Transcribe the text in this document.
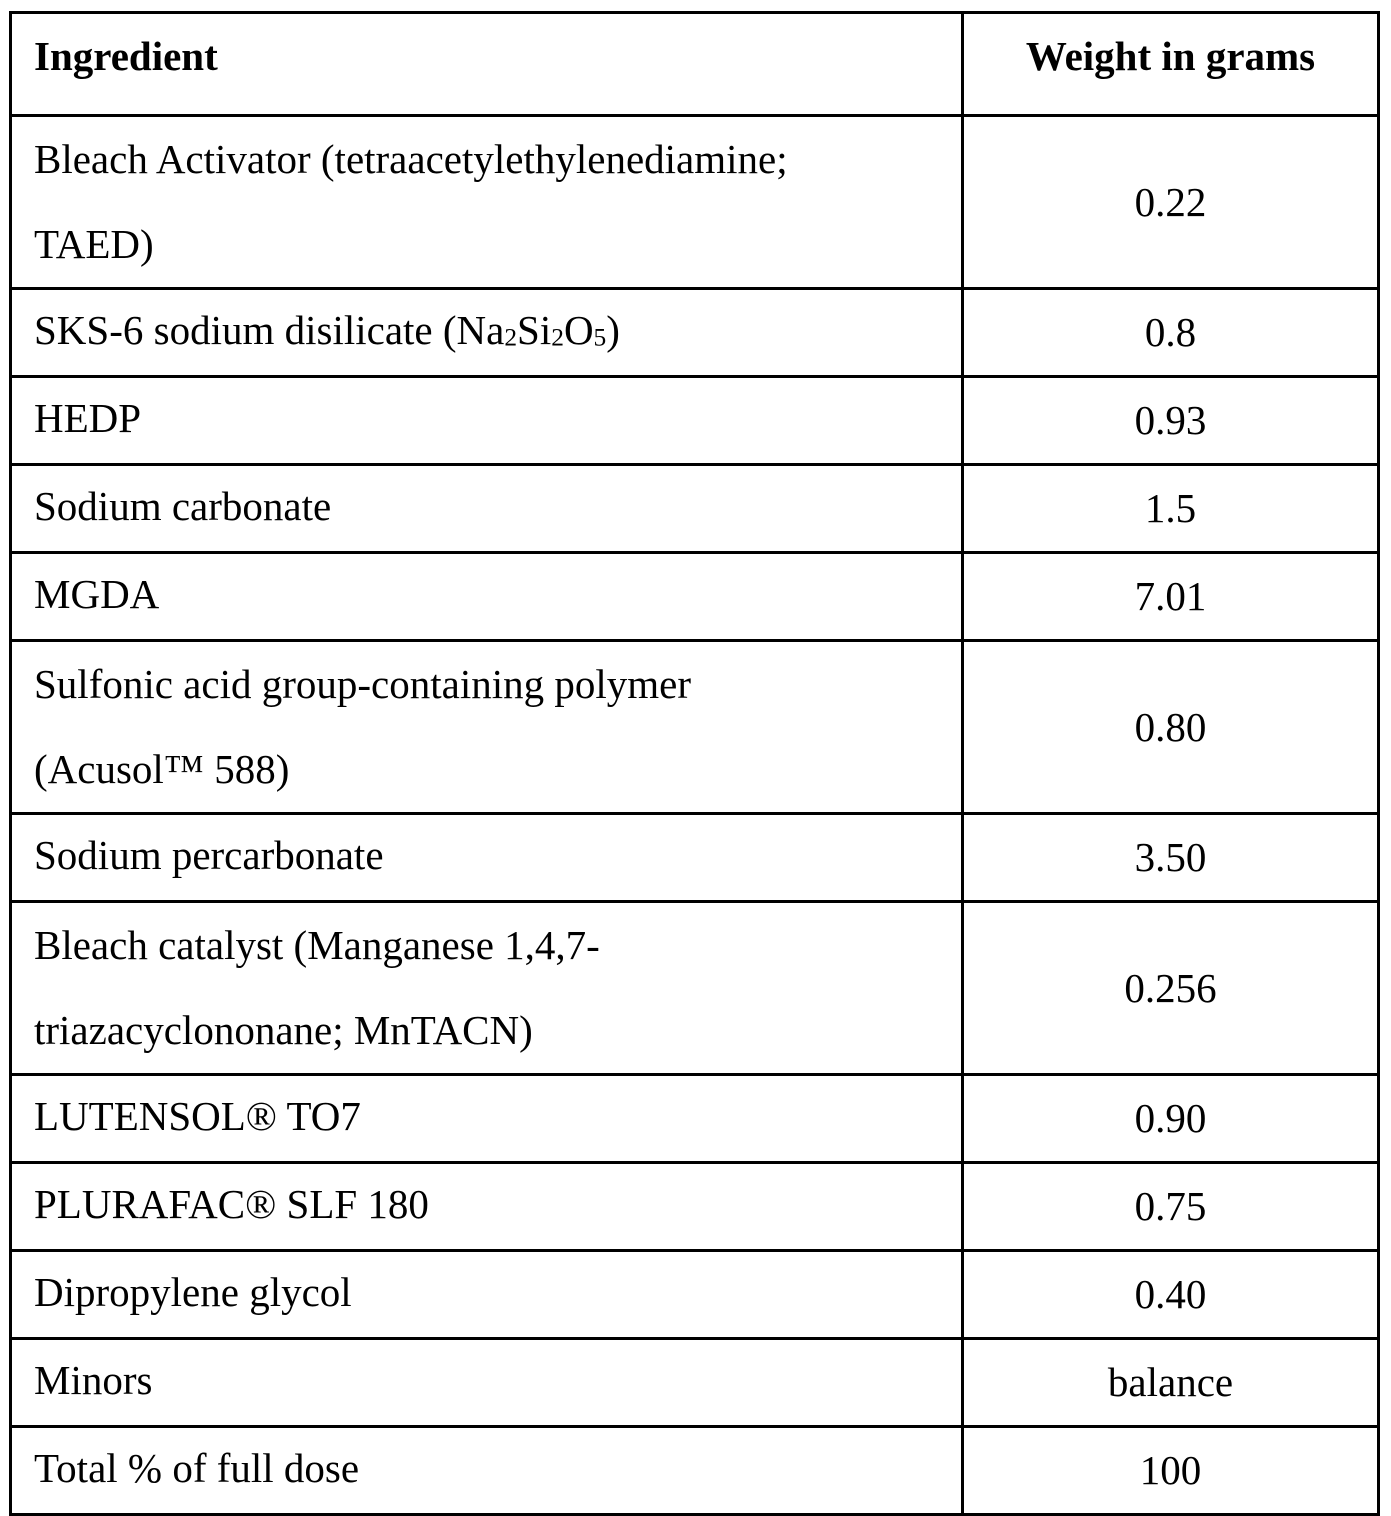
Ingredient	Weight in grams

Bleach Activator (tetraacetylethylenediamine;
TAED)	0.22
SKS-6 sodium disilicate $(Na_2Si_2O_5)$	0.8
HEDP	0.93
Sodium carbonate	1.5
MGDA	7.01

Sulfonic acid group-containing polymer
(Acusol™ 588)	0.80
Sodium percarbonate	3.50

Bleach catalyst (Manganese 1,4,7-
triazacyclononane; MnTACN)	0.256
LUTENSOL® TO7	0.90
PLURAFAC® SLF 180	0.75
Dipropylene glycol	0.40
Minors	balance
Total % of full dose	100
